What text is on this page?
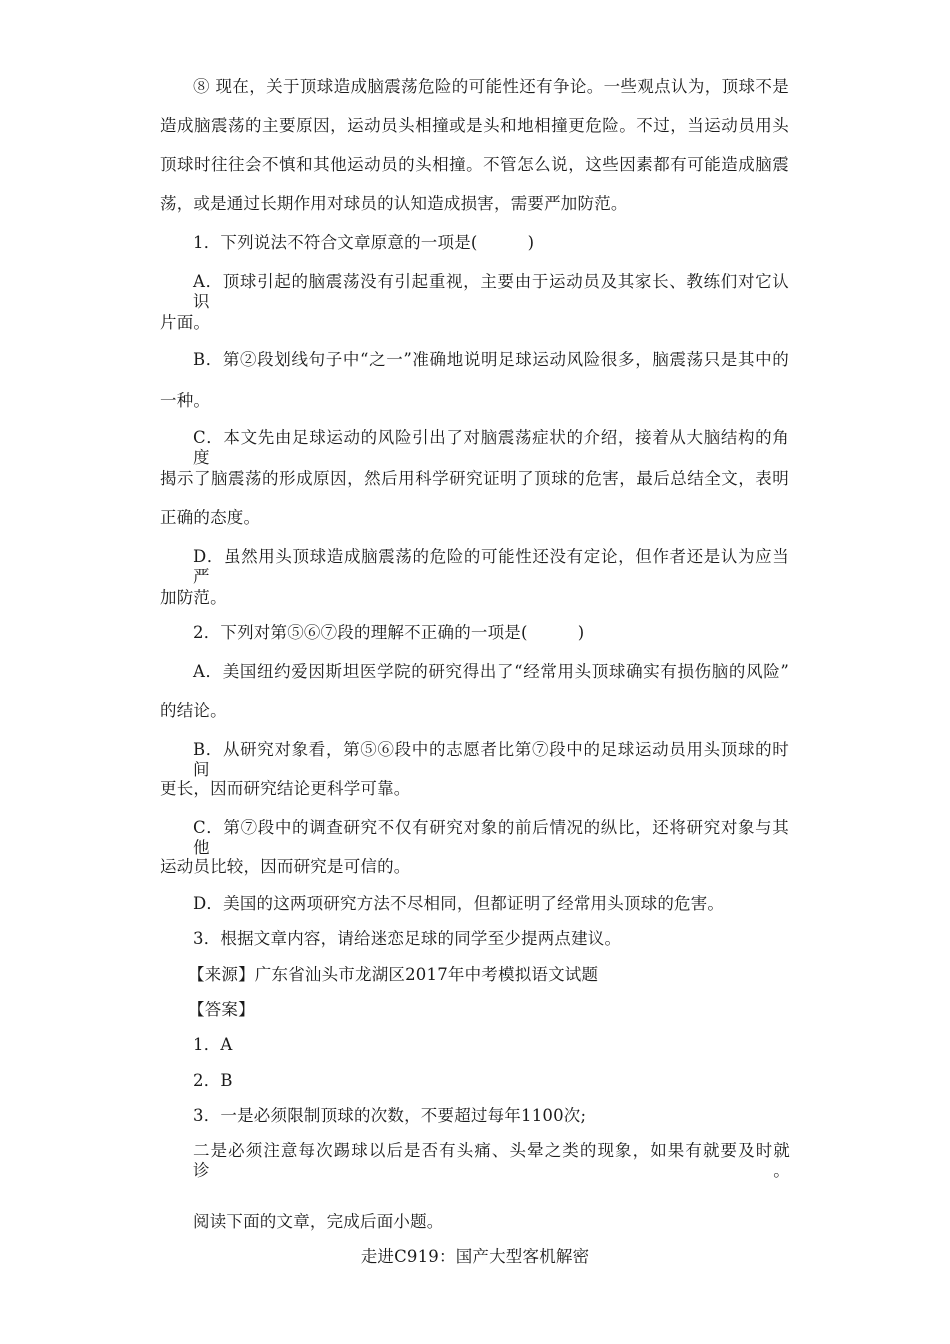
⑧ 现在，关于顶球造成脑震荡危险的可能性还有争论。一些观点认为，顶球不是
造成脑震荡的主要原因，运动员头相撞或是头和地相撞更危险。不过，当运动员用头
顶球时往往会不慎和其他运动员的头相撞。不管怎么说，这些因素都有可能造成脑震
荡，或是通过长期作用对球员的认知造成损害，需要严加防范。
1．下列说法不符合文章原意的一项是(　　　)
A．顶球引起的脑震荡没有引起重视，主要由于运动员及其家长、教练们对它认识
片面。
B．第②段划线句子中“之一”准确地说明足球运动风险很多，脑震荡只是其中的
一种。
C．本文先由足球运动的风险引出了对脑震荡症状的介绍，接着从大脑结构的角度
揭示了脑震荡的形成原因，然后用科学研究证明了顶球的危害，最后总结全文，表明
正确的态度。
D．虽然用头顶球造成脑震荡的危险的可能性还没有定论，但作者还是认为应当严
加防范。
2．下列对第⑤⑥⑦段的理解不正确的一项是(　　　)
A．美国纽约爱因斯坦医学院的研究得出了“经常用头顶球确实有损伤脑的风险”
的结论。
B．从研究对象看，第⑤⑥段中的志愿者比第⑦段中的足球运动员用头顶球的时间
更长，因而研究结论更科学可靠。
C．第⑦段中的调查研究不仅有研究对象的前后情况的纵比，还将研究对象与其他
运动员比较，因而研究是可信的。
D．美国的这两项研究方法不尽相同，但都证明了经常用头顶球的危害。
3．根据文章内容，请给迷恋足球的同学至少提两点建议。
【来源】广东省汕头市龙湖区2017年中考模拟语文试题
【答案】
1．A
2．B
3．一是必须限制顶球的次数，不要超过每年1100次;
二是必须注意每次踢球以后是否有头痛、头晕之类的现象，如果有就要及时就诊。
阅读下面的文章，完成后面小题。
走进C919：国产大型客机解密
